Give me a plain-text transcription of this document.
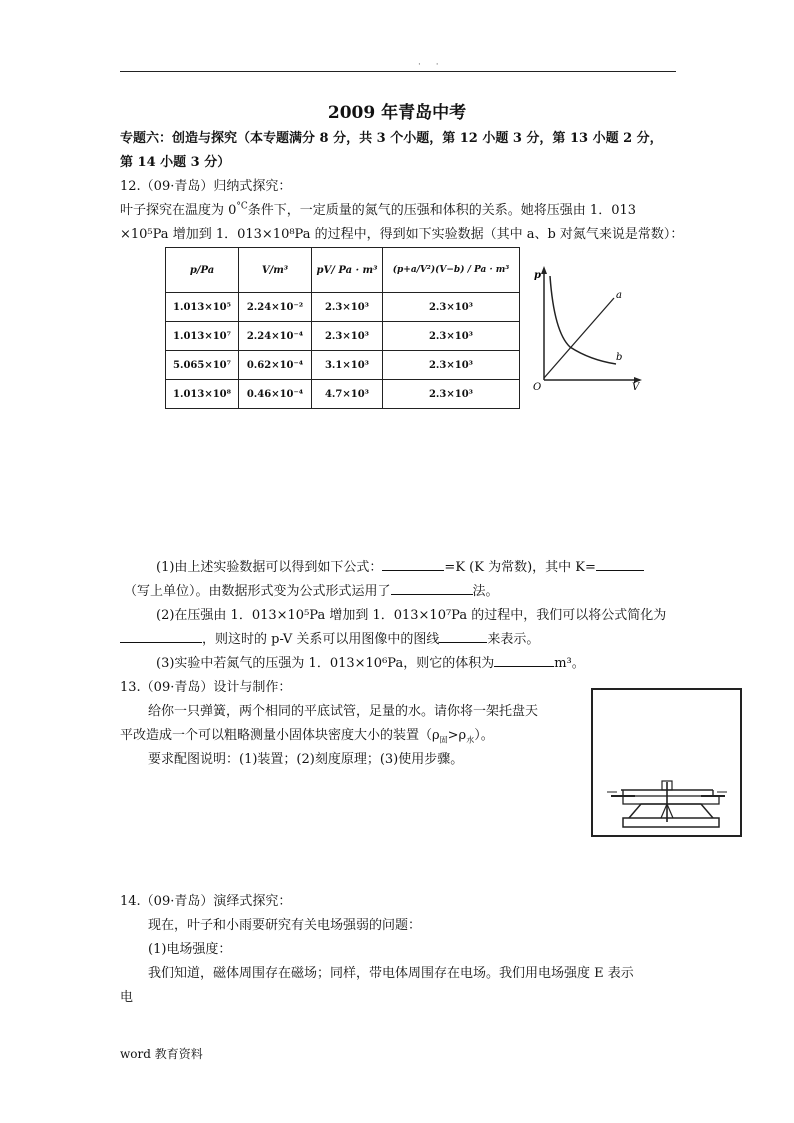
· ·
2009 年青岛中考
专题六：创造与探究（本专题满分 8 分，共 3 个小题，第 12 小题 3 分，第 13 小题 2 分，
第 14 小题 3 分）
12.（09·青岛）归纳式探究：
叶子探究在温度为 $0^{^\circ C}$条件下，一定质量的氮气的压强和体积的关系。她将压强由 1．013
×10⁵Pa 增加到 1．013×10⁸Pa 的过程中，得到如下实验数据（其中 a、b 对氮气来说是常数）：
p/Pa	V/m³	pV/ Pa · m³	(p+a/V²)(V−b) / Pa · m³
1.013×10⁵	2.24×10⁻²	2.3×10³	2.3×10³
1.013×10⁷	2.24×10⁻⁴	2.3×10³	2.3×10³
5.065×10⁷	0.62×10⁻⁴	3.1×10³	2.3×10³
1.013×10⁸	0.46×10⁻⁴	4.7×10³	2.3×10³
p
V
O
a
b
(1)由上述实验数据可以得到如下公式：	=K (K 为常数)，其中 K=
（写上单位）。由数据形式变为公式形式运用了	法。
(2)在压强由 1．013×10⁵Pa 增加到 1．013×10⁷Pa 的过程中，我们可以将公式简化为
，则这时的 p-V 关系可以用图像中的图线	来表示。
(3)实验中若氮气的压强为 1．013×10⁶Pa，则它的体积为	m³。
13.（09·青岛）设计与制作：
给你一只弹簧，两个相同的平底试管，足量的水。请你将一架托盘天
平改造成一个可以粗略测量小固体块密度大小的装置$(\rho_固>\rho_水)$。
要求配图说明：(1)装置；(2)刻度原理；(3)使用步骤。
14.（09·青岛）演绎式探究：
现在，叶子和小雨要研究有关电场强弱的问题：
(1)电场强度：
我们知道，磁体周围存在磁场；同样，带电体周围存在电场。我们用电场强度 E 表示
电
word 教育资料
